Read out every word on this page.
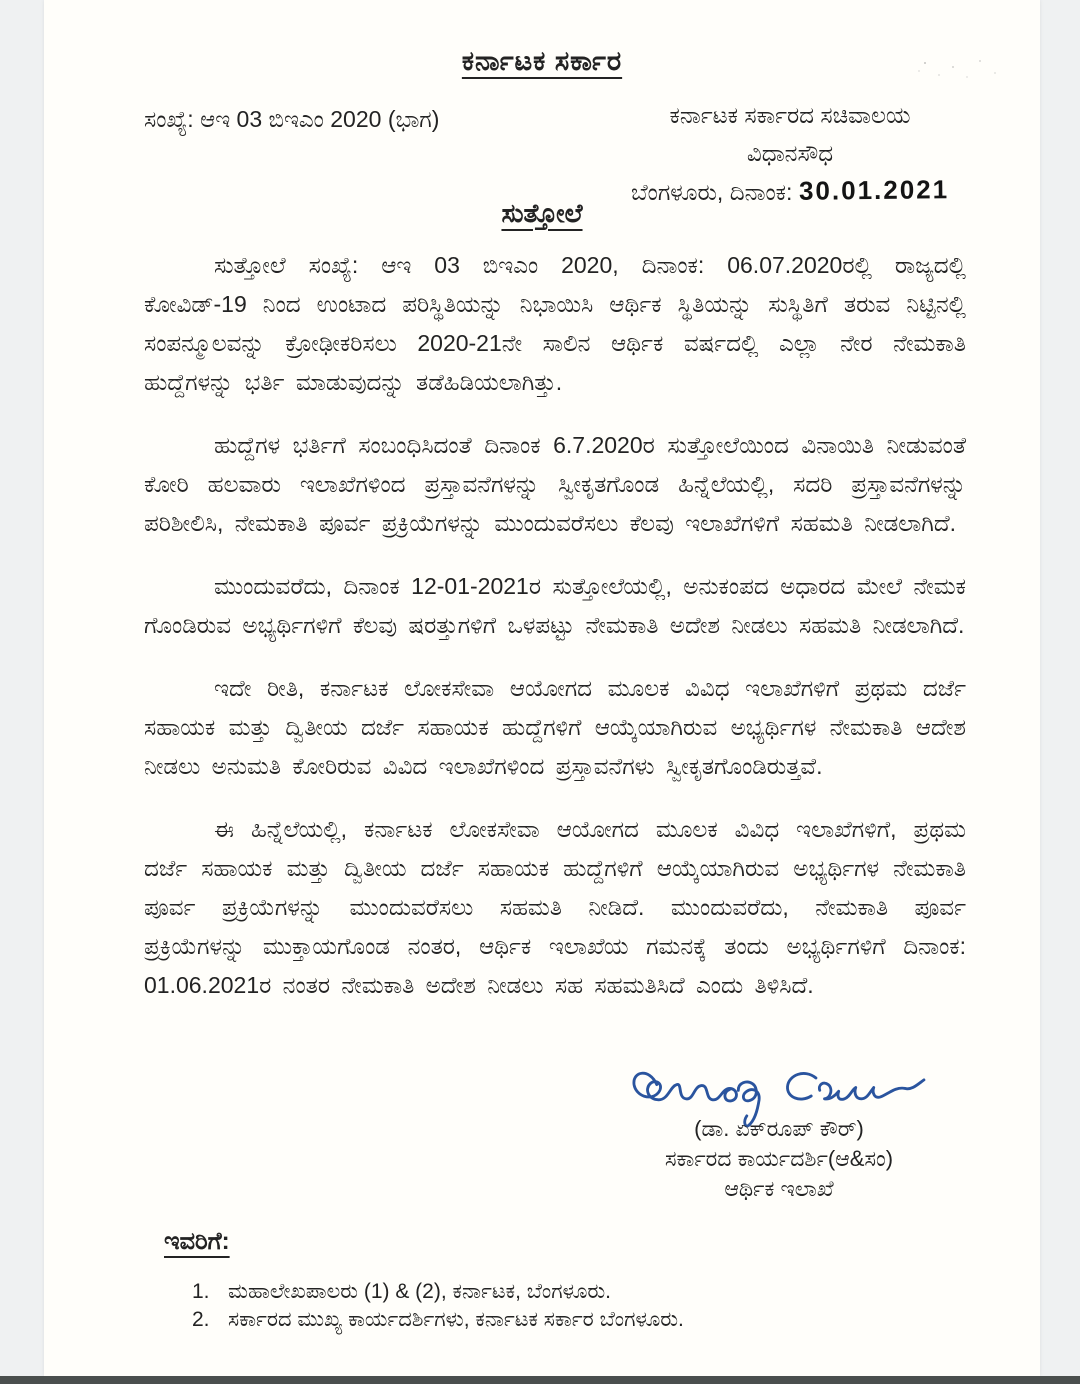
ಕರ್ನಾಟಕ ಸರ್ಕಾರ
ಸಂಖ್ಯೆ: ಆಇ 03 ಬಿಇಎಂ 2020 (ಭಾಗ)	ಕರ್ನಾಟಕ ಸರ್ಕಾರದ ಸಚಿವಾಲಯ
ವಿಧಾನಸೌಧ
ಬೆಂಗಳೂರು, ದಿನಾಂಕ: 30.01.2021
ಸುತ್ತೋಲೆ

ಸುತ್ತೋಲೆ ಸಂಖ್ಯೆ: ಆಇ 03 ಬಿಇಎಂ 2020, ದಿನಾಂಕ: 06.07.2020ರಲ್ಲಿ ರಾಜ್ಯದಲ್ಲಿ ಕೋವಿಡ್-19 ನಿಂದ ಉಂಟಾದ ಪರಿಸ್ಥಿತಿಯನ್ನು ನಿಭಾಯಿಸಿ ಆರ್ಥಿಕ ಸ್ಥಿತಿಯನ್ನು ಸುಸ್ಥಿತಿಗೆ ತರುವ ನಿಟ್ಟಿನಲ್ಲಿ ಸಂಪನ್ಮೂಲವನ್ನು ಕ್ರೋಢೀಕರಿಸಲು 2020-21ನೇ ಸಾಲಿನ ಆರ್ಥಿಕ ವರ್ಷದಲ್ಲಿ ಎಲ್ಲಾ ನೇರ ನೇಮಕಾತಿ ಹುದ್ದೆಗಳನ್ನು ಭರ್ತಿ ಮಾಡುವುದನ್ನು ತಡೆಹಿಡಿಯಲಾಗಿತ್ತು.

ಹುದ್ದೆಗಳ ಭರ್ತಿಗೆ ಸಂಬಂಧಿಸಿದಂತೆ ದಿನಾಂಕ 6.7.2020ರ ಸುತ್ತೋಲೆಯಿಂದ ವಿನಾಯಿತಿ ನೀಡುವಂತೆ ಕೋರಿ ಹಲವಾರು ಇಲಾಖೆಗಳಿಂದ ಪ್ರಸ್ತಾವನೆಗಳನ್ನು ಸ್ವೀಕೃತಗೊಂಡ ಹಿನ್ನೆಲೆಯಲ್ಲಿ, ಸದರಿ ಪ್ರಸ್ತಾವನೆಗಳನ್ನು ಪರಿಶೀಲಿಸಿ, ನೇಮಕಾತಿ ಪೂರ್ವ ಪ್ರಕ್ರಿಯೆಗಳನ್ನು ಮುಂದುವರೆಸಲು ಕೆಲವು ಇಲಾಖೆಗಳಿಗೆ ಸಹಮತಿ ನೀಡಲಾಗಿದೆ.

ಮುಂದುವರೆದು, ದಿನಾಂಕ 12-01-2021ರ ಸುತ್ತೋಲೆಯಲ್ಲಿ, ಅನುಕಂಪದ ಅಧಾರದ ಮೇಲೆ ನೇಮಕ ಗೊಂಡಿರುವ ಅಭ್ಯರ್ಥಿಗಳಿಗೆ ಕೆಲವು ಷರತ್ತುಗಳಿಗೆ ಒಳಪಟ್ಟು ನೇಮಕಾತಿ ಅದೇಶ ನೀಡಲು ಸಹಮತಿ ನೀಡಲಾಗಿದೆ.

ಇದೇ ರೀತಿ, ಕರ್ನಾಟಕ ಲೋಕಸೇವಾ ಆಯೋಗದ ಮೂಲಕ ವಿವಿಧ ಇಲಾಖೆಗಳಿಗೆ ಪ್ರಥಮ ದರ್ಜೆ ಸಹಾಯಕ ಮತ್ತು ದ್ವಿತೀಯ ದರ್ಜೆ ಸಹಾಯಕ ಹುದ್ದೆಗಳಿಗೆ ಆಯ್ಕೆಯಾಗಿರುವ ಅಭ್ಯರ್ಥಿಗಳ ನೇಮಕಾತಿ ಆದೇಶ ನೀಡಲು ಅನುಮತಿ ಕೋರಿರುವ ವಿವಿದ ಇಲಾಖೆಗಳಿಂದ ಪ್ರಸ್ತಾವನೆಗಳು ಸ್ವೀಕೃತಗೊಂಡಿರುತ್ತವೆ.

ಈ ಹಿನ್ನೆಲೆಯಲ್ಲಿ, ಕರ್ನಾಟಕ ಲೋಕಸೇವಾ ಆಯೋಗದ ಮೂಲಕ ವಿವಿಧ ಇಲಾಖೆಗಳಿಗೆ, ಪ್ರಥಮ ದರ್ಜೆ ಸಹಾಯಕ ಮತ್ತು ದ್ವಿತೀಯ ದರ್ಜೆ ಸಹಾಯಕ ಹುದ್ದೆಗಳಿಗೆ ಆಯ್ಕೆಯಾಗಿರುವ ಅಭ್ಯರ್ಥಿಗಳ ನೇಮಕಾತಿ ಪೂರ್ವ ಪ್ರಕ್ರಿಯೆಗಳನ್ನು ಮುಂದುವರೆಸಲು ಸಹಮತಿ ನೀಡಿದೆ. ಮುಂದುವರೆದು, ನೇಮಕಾತಿ ಪೂರ್ವ ಪ್ರಕ್ರಿಯೆಗಳನ್ನು ಮುಕ್ತಾಯಗೊಂಡ ನಂತರ, ಆರ್ಥಿಕ ಇಲಾಖೆಯ ಗಮನಕ್ಕೆ ತಂದು ಅಭ್ಯರ್ಥಿಗಳಿಗೆ ದಿನಾಂಕ: 01.06.2021ರ ನಂತರ ನೇಮಕಾತಿ ಅದೇಶ ನೀಡಲು ಸಹ ಸಹಮತಿಸಿದೆ ಎಂದು ತಿಳಿಸಿದೆ.

(ಡಾ. ಏಕ್‌ರೂಪ್ ಕೌರ್)
ಸರ್ಕಾರದ ಕಾರ್ಯದರ್ಶಿ(ಆ&ಸಂ)
ಆರ್ಥಿಕ ಇಲಾಖೆ
ಇವರಿಗೆ:
1. ಮಹಾಲೇಖಪಾಲರು (1) & (2), ಕರ್ನಾಟಕ, ಬೆಂಗಳೂರು.
2. ಸರ್ಕಾರದ ಮುಖ್ಯ ಕಾರ್ಯದರ್ಶಿಗಳು, ಕರ್ನಾಟಕ ಸರ್ಕಾರ ಬೆಂಗಳೂರು.
